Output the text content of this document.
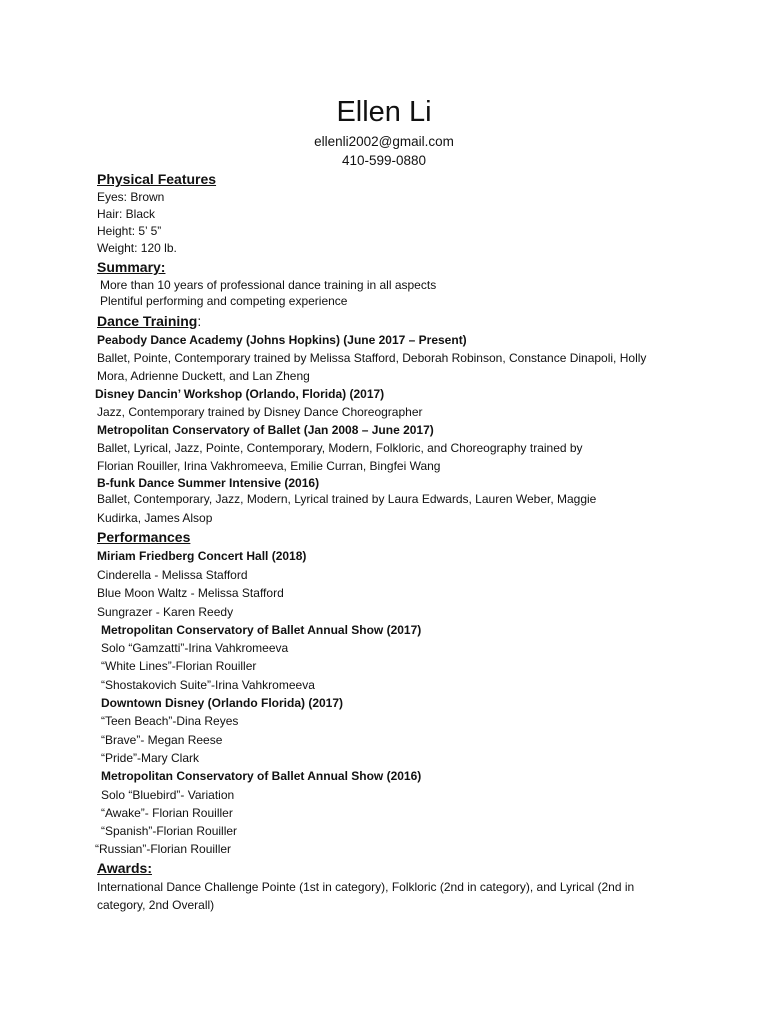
Ellen Li
ellenli2002@gmail.com
410-599-0880
Physical Features
Eyes: Brown
Hair: Black
Height: 5’ 5”
Weight: 120 lb.
Summary:
More than 10 years of professional dance training in all aspects
Plentiful performing and competing experience
Dance Training:
Peabody Dance Academy (Johns Hopkins) (June 2017 – Present)
Ballet, Pointe, Contemporary trained by Melissa Stafford, Deborah Robinson, Constance Dinapoli, Holly
Mora, Adrienne Duckett, and Lan Zheng
Disney Dancin’ Workshop (Orlando, Florida) (2017)
Jazz, Contemporary trained by Disney Dance Choreographer
Metropolitan Conservatory of Ballet (Jan 2008 – June 2017)
Ballet, Lyrical, Jazz, Pointe, Contemporary, Modern, Folkloric, and Choreography trained by
Florian Rouiller, Irina Vakhromeeva, Emilie Curran, Bingfei Wang
B-funk Dance Summer Intensive (2016)
Ballet, Contemporary, Jazz, Modern, Lyrical trained by Laura Edwards, Lauren Weber, Maggie
Kudirka, James Alsop
Performances
Miriam Friedberg Concert Hall (2018)
Cinderella - Melissa Stafford
Blue Moon Waltz - Melissa Stafford
Sungrazer - Karen Reedy
Metropolitan Conservatory of Ballet Annual Show (2017)
Solo “Gamzatti”-Irina Vahkromeeva
“White Lines”-Florian Rouiller
“Shostakovich Suite”-Irina Vahkromeeva
Downtown Disney (Orlando Florida) (2017)
“Teen Beach”-Dina Reyes
“Brave”- Megan Reese
“Pride”-Mary Clark
Metropolitan Conservatory of Ballet Annual Show (2016)
Solo “Bluebird”- Variation
“Awake”- Florian Rouiller
“Spanish”-Florian Rouiller
“Russian”-Florian Rouiller
Awards:
International Dance Challenge Pointe (1st in category), Folkloric (2nd in category), and Lyrical (2nd in
category, 2nd Overall)
